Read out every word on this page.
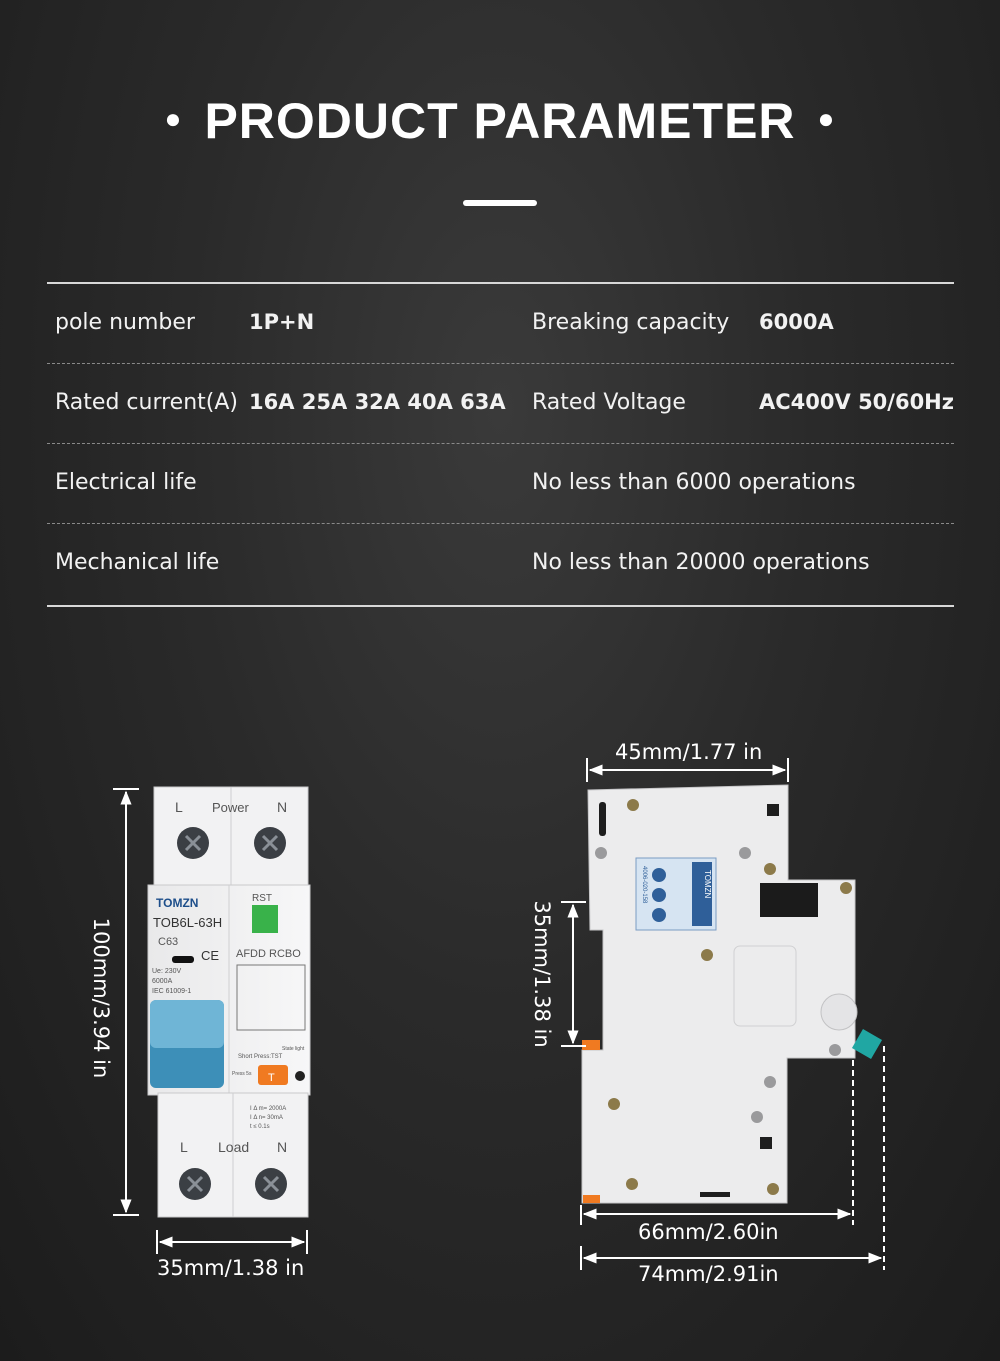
● PRODUCT PARAMETER ●
pole number	1P+N	Breaking capacity 6000A
Rated current(A) 16A 25A 32A 40A 63A Rated Voltage	AC400V 50/60Hz
Electrical life	No less than 6000 operations
Mechanical life	No less than 20000 operations
L Power N
TOMZN
TOB6L-63H
C63
CE
RST
AFDD RCBO
Ue: 230V
6000A
IEC 61009-1
Short Press:TST
State light
Press 5s T
I Δ m= 2000A
I Δ n= 30mA
t ≤ 0.1s
L Load N
TOMZN
4006-020-158
100mm/3.94 in
35mm/1.38 in
45mm/1.77 in
35mm/1.38 in
66mm/2.60in
74mm/2.91in
